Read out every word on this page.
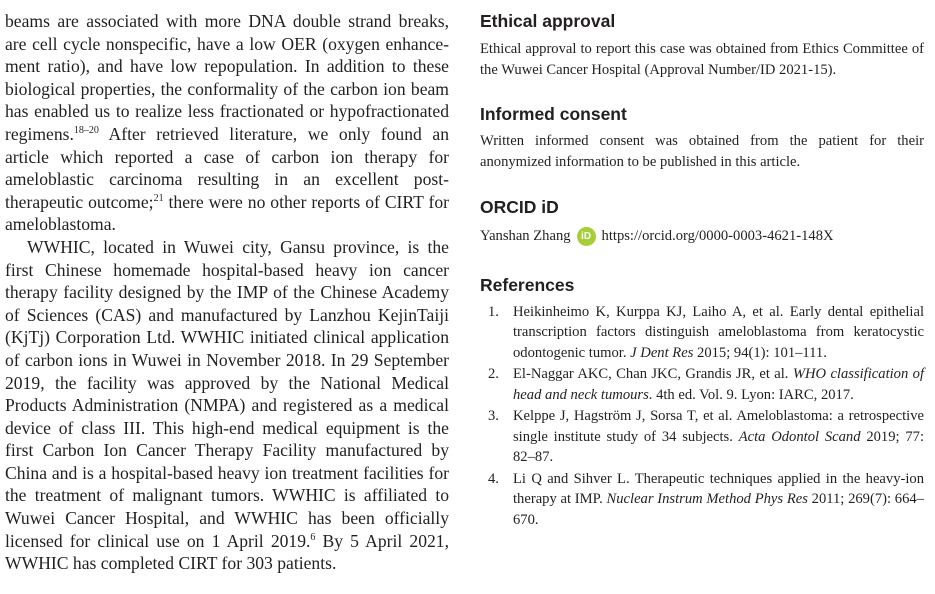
beams are associated with more DNA double strand breaks, are cell cycle nonspecific, have a low OER (oxygen enhancement ratio), and have low repopulation. In addition to these biological properties, the conformality of the carbon ion beam has enabled us to realize less fractionated or hypofractionated regimens.$^{18-20}$ After retrieved literature, we only found an article which reported a case of carbon ion therapy for ameloblastic carcinoma resulting in an excellent post-therapeutic outcome;$^{21}$ there were no other reports of CIRT for ameloblastoma.

WWHIC, located in Wuwei city, Gansu province, is the first Chinese homemade hospital-based heavy ion cancer therapy facility designed by the IMP of the Chinese Academy of Sciences (CAS) and manufactured by Lanzhou KejinTaiji (KjTj) Corporation Ltd. WWHIC initiated clinical application of carbon ions in Wuwei in November 2018. In 29 September 2019, the facility was approved by the National Medical Products Administration (NMPA) and registered as a medical device of class III. This high-end medical equipment is the first Carbon Ion Cancer Therapy Facility manufactured by China and is a hospital-based heavy ion treatment facilities for the treatment of malignant tumors. WWHIC is affiliated to Wuwei Cancer Hospital, and WWHIC has been officially licensed for clinical use on 1 April 2019.$^6$ By 5 April 2021, WWHIC has completed CIRT for 303 patients.

Ethical approval

Ethical approval to report this case was obtained from Ethics Committee of the Wuwei Cancer Hospital (Approval Number/ID 2021-15).

Informed consent

Written informed consent was obtained from the patient for their anonymized information to be published in this article.

ORCID iD
Yanshan Zhang	iD https://orcid.org/0000-0003-4621-148X
References
1. Heikinheimo K, Kurppa KJ, Laiho A, et al. Early dental epithelial transcription factors distinguish ameloblastoma from keratocystic odontogenic tumor. J Dent Res 2015; 94(1): 101–111.
2. El-Naggar AKC, Chan JKC, Grandis JR, et al. WHO classification of head and neck tumours. 4th ed. Vol. 9. Lyon: IARC, 2017.
3. Kelppe J, Hagström J, Sorsa T, et al. Ameloblastoma: a retrospective single institute study of 34 subjects. Acta Odontol Scand 2019; 77: 82–87.
4. Li Q and Sihver L. Therapeutic techniques applied in the heavy-ion therapy at IMP. Nuclear Instrum Method Phys Res 2011; 269(7): 664–670.
